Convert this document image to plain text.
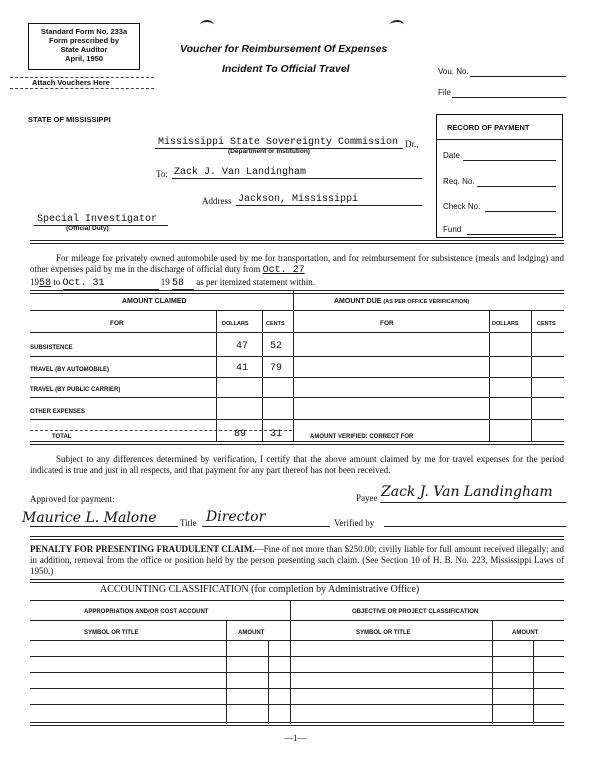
Standard Form No. 233a
Form prescribed by
State Auditor
April, 1950
Attach Vouchers Here
Voucher for Reimbursement Of Expenses
Incident To Official Travel	Vou. No.
File
STATE OF MISSISSIPPI
RECORD OF PAYMENT
Date
Req. No.
Check No.
Fund
Mississippi State Sovereignty Commission Dr.,
(Department or Institution)
To: Zack J. Van Landingham
Address Jackson, Mississippi
Special Investigator
(Official Duty)
For mileage for privately owned automobile used by me for transportation, and for reimbursement for subsistence (meals and lodging) and other expenses paid by me in the discharge of official duty from Oct. 27
1958 to Oct. 31	19 58 as per itemized statement within.
AMOUNT CLAIMED	AMOUNT DUE (AS PER OFFICE VERIFICATION)
FOR	DOLLARS	CENTS	FOR	DOLLARS	CENTS
SUBSISTENCE	47 52
TRAVEL (BY AUTOMOBILE)	41 79
TRAVEL (BY PUBLIC CARRIER)
OTHER EXPENSES
TOTAL	89 31	AMOUNT VERIFIED: CORRECT FOR
Subject to any differences determined by verification, I certify that the above amount claimed by me for travel expenses for the period indicated is true and just in all respects, and that payment for any part thereof has not been received.
Approved for payment:	Payee Zack J. Van Landingham
Maurice L. Malone	Title Director	Verified by
PENALTY FOR PRESENTING FRAUDULENT CLAIM.—Fine of not more than $250.00; civilly liable for full amount received illegally; and in addition, removal from the office or position held by the person presenting such claim. (See Section 10 of H. B. No. 223, Mississippi Laws of 1950.)
ACCOUNTING CLASSIFICATION (for completion by Administrative Office)
APPROPRIATION AND/OR COST ACCOUNT	OBJECTIVE OR PROJECT CLASSIFICATION
SYMBOL OR TITLE	AMOUNT	SYMBOL OR TITLE	AMOUNT
—1—
